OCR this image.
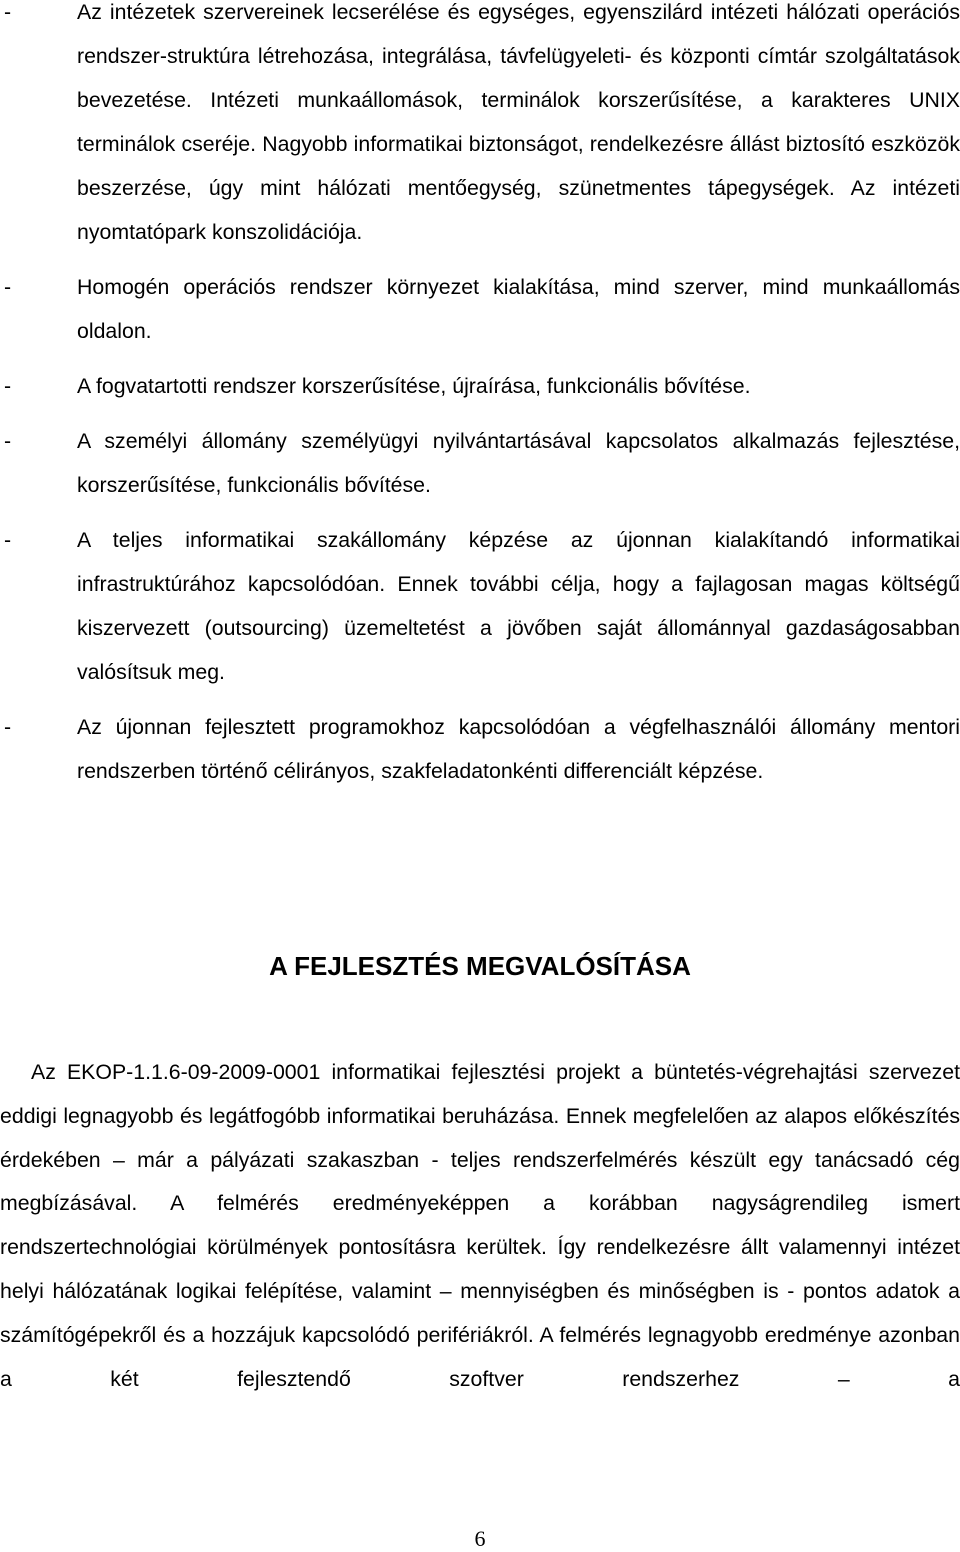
-	Az intézetek szervereinek lecserélése és egységes, egyenszilárd intézeti hálózati operációs rendszer-struktúra létrehozása, integrálása, távfelügyeleti- és központi címtár szolgáltatások bevezetése. Intézeti munkaállomások, terminálok korszerűsítése, a karakteres UNIX terminálok cseréje. Nagyobb informatikai biztonságot, rendelkezésre állást biztosító eszközök beszerzése, úgy mint hálózati mentőegység, szünetmentes tápegységek. Az intézeti nyomtatópark konszolidációja.
-	Homogén operációs rendszer környezet kialakítása, mind szerver, mind munkaállomás oldalon.
-	A fogvatartotti rendszer korszerűsítése, újraírása, funkcionális bővítése.
-	A személyi állomány személyügyi nyilvántartásával kapcsolatos alkalmazás fejlesztése, korszerűsítése, funkcionális bővítése.
-	A teljes informatikai szakállomány képzése az újonnan kialakítandó informatikai infrastruktúrához kapcsolódóan. Ennek további célja, hogy a fajlagosan magas költségű kiszervezett (outsourcing) üzemeltetést a jövőben saját állománnyal gazdaságosabban valósítsuk meg.
-	Az újonnan fejlesztett programokhoz kapcsolódóan a végfelhasználói állomány mentori rendszerben történő célirányos, szakfeladatonkénti differenciált képzése.
A FEJLESZTÉS MEGVALÓSÍTÁSA

Az EKOP-1.1.6-09-2009-0001 informatikai fejlesztési projekt a büntetés-végrehajtási szervezet eddigi legnagyobb és legátfogóbb informatikai beruházása. Ennek megfelelően az alapos előkészítés érdekében – már a pályázati szakaszban - teljes rendszerfelmérés készült egy tanácsadó cég megbízásával. A felmérés eredményeképpen a korábban nagyságrendileg ismert rendszertechnológiai körülmények pontosításra kerültek. Így rendelkezésre állt valamennyi intézet helyi hálózatának logikai felépítése, valamint – mennyiségben és minőségben is - pontos adatok a számítógépekről és a hozzájuk kapcsolódó perifériákról. A felmérés legnagyobb eredménye azonban a két fejlesztendő szoftver rendszerhez – a

6
